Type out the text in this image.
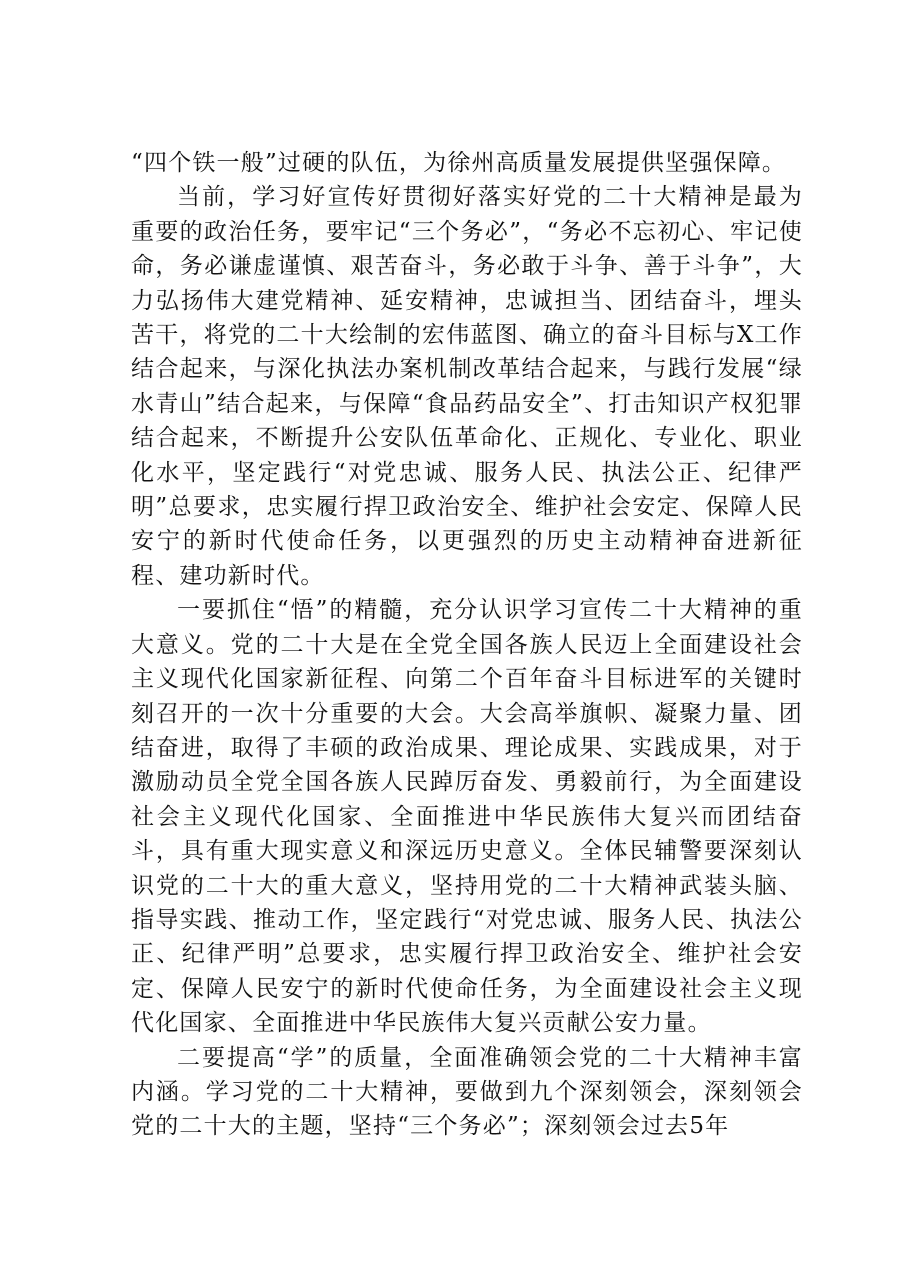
“四个铁一般”过硬的队伍，为徐州高质量发展提供坚强保障。

当前，学习好宣传好贯彻好落实好党的二十大精神是最为重要的政治任务，要牢记“三个务必”，“务必不忘初心、牢记使命，务必谦虚谨慎、艰苦奋斗，务必敢于斗争、善于斗争”，大力弘扬伟大建党精神、延安精神，忠诚担当、团结奋斗，埋头苦干，将党的二十大绘制的宏伟蓝图、确立的奋斗目标与X工作结合起来，与深化执法办案机制改革结合起来，与践行发展“绿水青山”结合起来，与保障“食品药品安全”、打击知识产权犯罪结合起来，不断提升公安队伍革命化、正规化、专业化、职业化水平，坚定践行“对党忠诚、服务人民、执法公正、纪律严明”总要求，忠实履行捍卫政治安全、维护社会安定、保障人民安宁的新时代使命任务，以更强烈的历史主动精神奋进新征程、建功新时代。

一要抓住“悟”的精髓，充分认识学习宣传二十大精神的重大意义。党的二十大是在全党全国各族人民迈上全面建设社会主义现代化国家新征程、向第二个百年奋斗目标进军的关键时刻召开的一次十分重要的大会。大会高举旗帜、凝聚力量、团结奋进，取得了丰硕的政治成果、理论成果、实践成果，对于激励动员全党全国各族人民踔厉奋发、勇毅前行，为全面建设社会主义现代化国家、全面推进中华民族伟大复兴而团结奋斗，具有重大现实意义和深远历史意义。全体民辅警要深刻认识党的二十大的重大意义，坚持用党的二十大精神武装头脑、指导实践、推动工作，坚定践行“对党忠诚、服务人民、执法公正、纪律严明”总要求，忠实履行捍卫政治安全、维护社会安定、保障人民安宁的新时代使命任务，为全面建设社会主义现代化国家、全面推进中华民族伟大复兴贡献公安力量。

二要提高“学”的质量，全面准确领会党的二十大精神丰富内涵。学习党的二十大精神，要做到九个深刻领会，深刻领会党的二十大的主题，坚持“三个务必”；深刻领会过去5年
